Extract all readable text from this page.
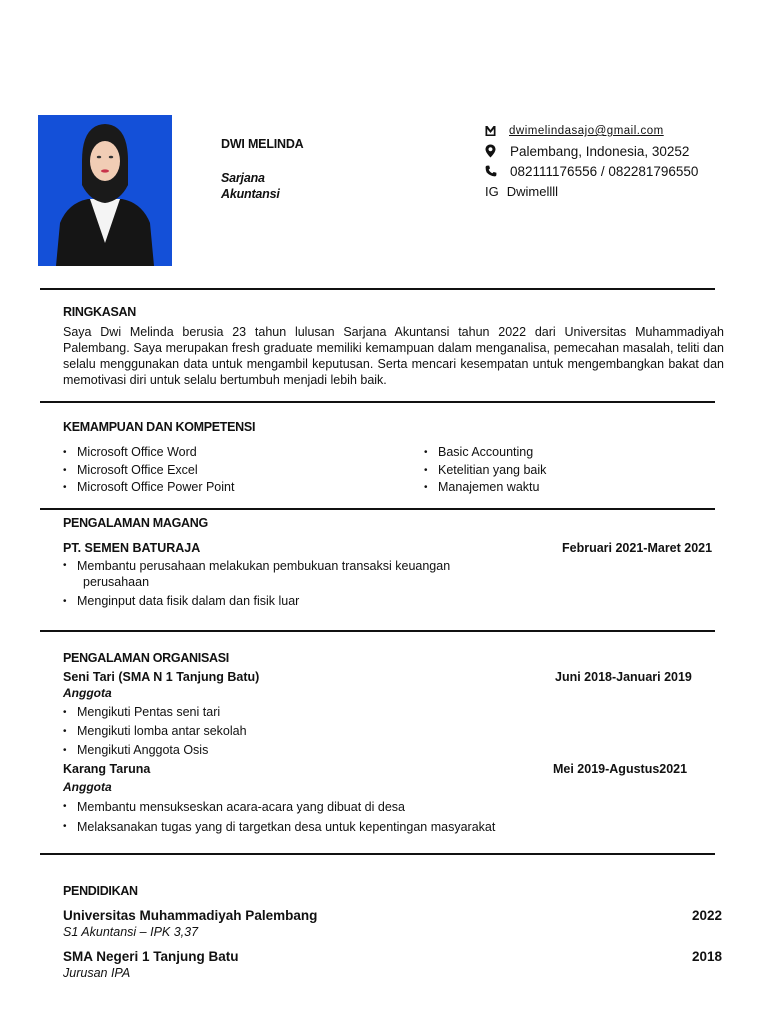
DWI MELINDA
Sarjana
Akuntansi
dwimelindasajo@gmail.com
Palembang, Indonesia, 30252
082111176556 / 082281796550
IG Dwimellll
RINGKASAN
Saya Dwi Melinda berusia 23 tahun lulusan Sarjana Akuntansi tahun 2022 dari Universitas Muhammadiyah Palembang. Saya merupakan fresh graduate memiliki kemampuan dalam menganalisa, pemecahan masalah, teliti dan selalu menggunakan data untuk mengambil keputusan. Serta mencari kesempatan untuk mengembangkan bakat dan memotivasi diri untuk selalu bertumbuh menjadi lebih baik.
KEMAMPUAN DAN KOMPETENSI
• Microsoft Office Word
• Microsoft Office Excel
• Microsoft Office Power Point
• Basic Accounting
• Ketelitian yang baik
• Manajemen waktu
PENGALAMAN MAGANG
PT. SEMEN BATURAJA	Februari 2021-Maret 2021
• Membantu perusahaan melakukan pembukuan transaksi keuangan
perusahaan
• Menginput data fisik dalam dan fisik luar
PENGALAMAN ORGANISASI
Seni Tari (SMA N 1 Tanjung Batu)	Juni 2018-Januari 2019
Anggota
• Mengikuti Pentas seni tari
• Mengikuti lomba antar sekolah
• Mengikuti Anggota Osis
Karang Taruna	Mei 2019-Agustus2021
Anggota
• Membantu mensukseskan acara-acara yang dibuat di desa
• Melaksanakan tugas yang di targetkan desa untuk kepentingan masyarakat
PENDIDIKAN
Universitas Muhammadiyah Palembang	2022
S1 Akuntansi – IPK 3,37
SMA Negeri 1 Tanjung Batu	2018
Jurusan IPA
